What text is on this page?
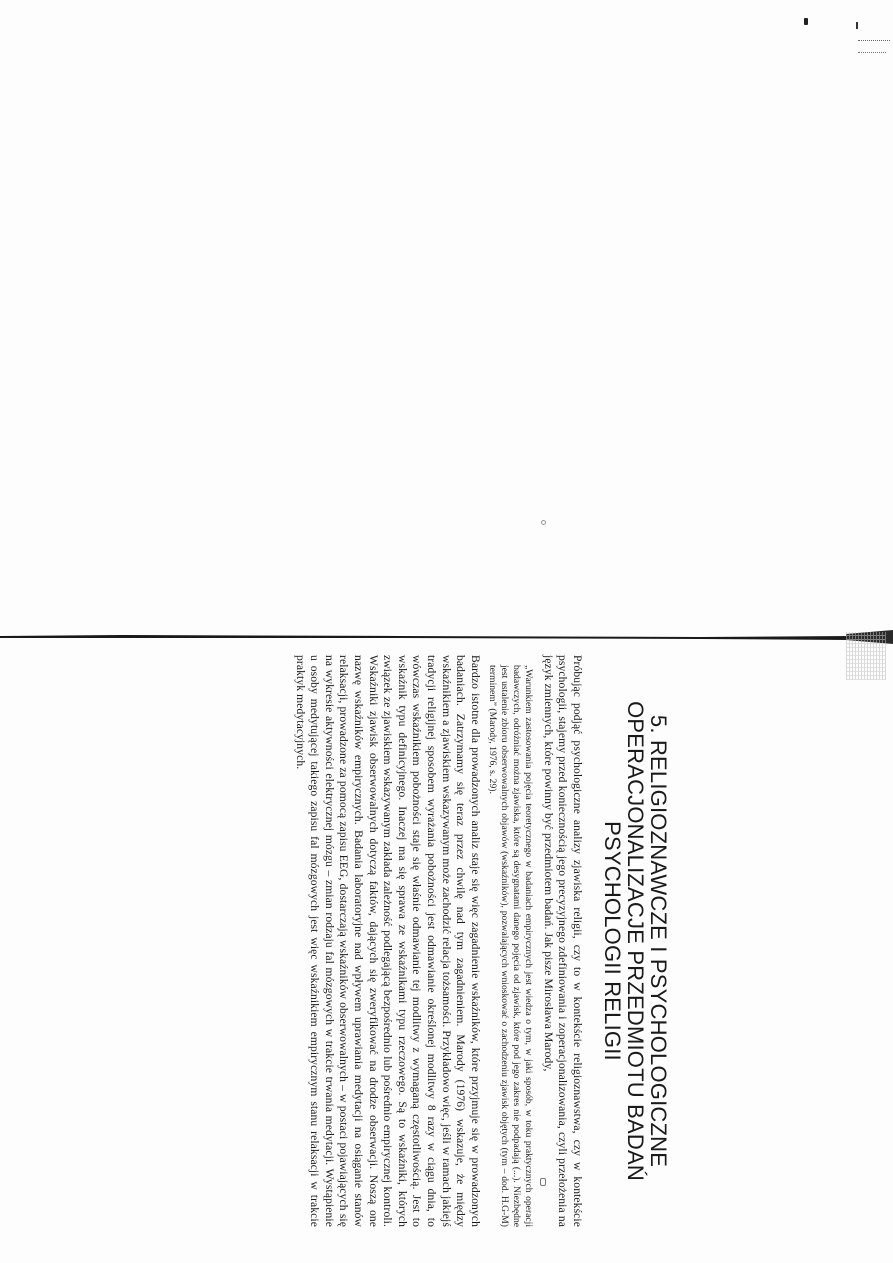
5. RELIGIOZNAWCZE I PSYCHOLOGICZNE
OPERACJONALIZACJE PRZEDMIOTU BADAŃ
PSYCHOLOGII RELIGII

Próbując podjąć psychologiczne analizy zjawiska religii, czy to w kontekście religioznawstwa, czy w kontekście psychologii, stajemy przed koniecznością jego precyzyjnego zdefiniowania i zoperacjonalizowania, czyli przełożenia na język zmiennych, które powinny być przedmiotem badań. Jak pisze Mirosława Marody,

„Warunkiem zastosowania pojęcia teoretycznego w badaniach empirycznych jest wiedza o tym, w jaki sposób, w toku praktycznych operacji badawczych, odróżniać można zjawiska, które są desygnatami danego pojęcia od zjawisk, które pod jego zakres nie podpadają (...). Niezbędne jest ustalenie zbioru obserwowalnych objawów (wskaźników), pozwalających wnioskować o zachodzeniu zjawisk objętych (tym – dod. H.G-M) terminem” (Marody, 1976, s. 29).

Bardzo istotne dla prowadzonych analiz staje się więc zagadnienie wskaźników, które przyjmuje się w prowadzonych badaniach. Zatrzymamy się teraz przez chwilę nad tym zagadnieniem. Marody (1976) wskazuje, że między wskaźnikiem a zjawiskiem wskazywanym może zachodzić relacja tożsamości. Przykładowo więc, jeśli w ramach jakiejś tradycji religijnej sposobem wyrażania pobożności jest odmawianie określonej modlitwy 8 razy w ciągu dnia, to wówczas wskaźnikiem pobożności staje się właśnie odmawianie tej modlitwy z wymaganą częstotliwością. Jest to wskaźnik typu definicyjnego. Inaczej ma się sprawa ze wskaźnikami typu rzeczowego. Są to wskaźniki, których związek ze zjawiskiem wskazywanym zakłada zależność podlegającą bezpośrednio lub pośrednio empirycznej kontroli. Wskaźniki zjawisk obserwowalnych dotyczą faktów, dających się zweryfikować na drodze obserwacji. Noszą one nazwę wskaźników empirycznych. Badania laboratoryjne nad wpływem uprawiania medytacji na osiąganie stanów relaksacji, prowadzone za pomocą zapisu EEG, dostarczają wskaźników obserwowalnych – w postaci pojawiających się na wykresie aktywności elektrycznej mózgu – zmian rodzaju fal mózgowych w trakcie trwania medytacji. Wystąpienie u osoby medytującej takiego zapisu fal mózgowych jest więc wskaźnikiem empirycznym stanu relaksacji w trakcie praktyk medytacyjnych.
